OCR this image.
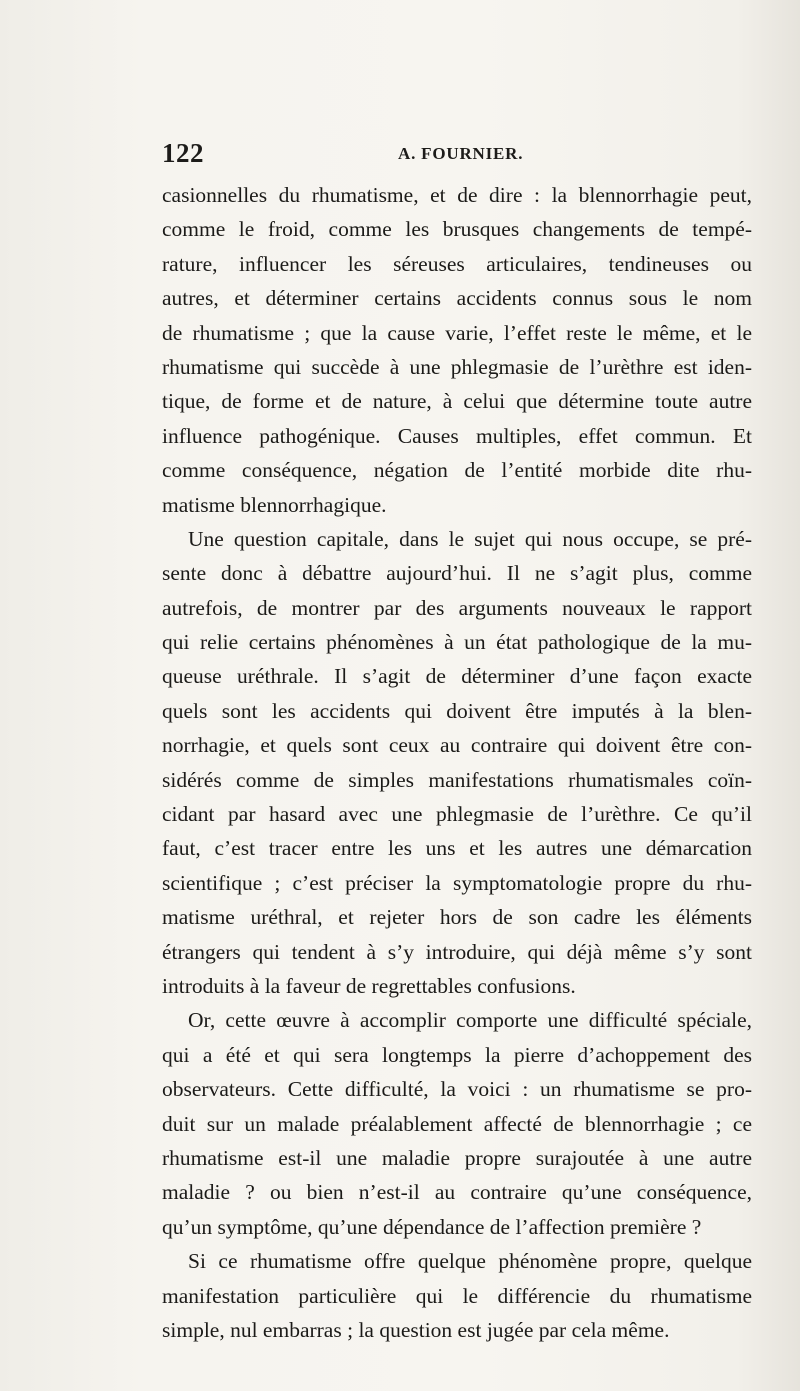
122	A. FOURNIER.
casionnelles du rhumatisme, et de dire : la blennorrhagie peut,
comme le froid, comme les brusques changements de tempé-
rature, influencer les séreuses articulaires, tendineuses ou
autres, et déterminer certains accidents connus sous le nom
de rhumatisme ; que la cause varie, l’effet reste le même, et le
rhumatisme qui succède à une phlegmasie de l’urèthre est iden-
tique, de forme et de nature, à celui que détermine toute autre
influence pathogénique. Causes multiples, effet commun. Et
comme conséquence, négation de l’entité morbide dite rhu-
matisme blennorrhagique.
Une question capitale, dans le sujet qui nous occupe, se pré-
sente donc à débattre aujourd’hui. Il ne s’agit plus, comme
autrefois, de montrer par des arguments nouveaux le rapport
qui relie certains phénomènes à un état pathologique de la mu-
queuse uréthrale. Il s’agit de déterminer d’une façon exacte
quels sont les accidents qui doivent être imputés à la blen-
norrhagie, et quels sont ceux au contraire qui doivent être con-
sidérés comme de simples manifestations rhumatismales coïn-
cidant par hasard avec une phlegmasie de l’urèthre. Ce qu’il
faut, c’est tracer entre les uns et les autres une démarcation
scientifique ; c’est préciser la symptomatologie propre du rhu-
matisme uréthral, et rejeter hors de son cadre les éléments
étrangers qui tendent à s’y introduire, qui déjà même s’y sont
introduits à la faveur de regrettables confusions.
Or, cette œuvre à accomplir comporte une difficulté spéciale,
qui a été et qui sera longtemps la pierre d’achoppement des
observateurs. Cette difficulté, la voici : un rhumatisme se pro-
duit sur un malade préalablement affecté de blennorrhagie ; ce
rhumatisme est-il une maladie propre surajoutée à une autre
maladie ? ou bien n’est-il au contraire qu’une conséquence,
qu’un symptôme, qu’une dépendance de l’affection première ?
Si ce rhumatisme offre quelque phénomène propre, quelque
manifestation particulière qui le différencie du rhumatisme
simple, nul embarras ; la question est jugée par cela même.
